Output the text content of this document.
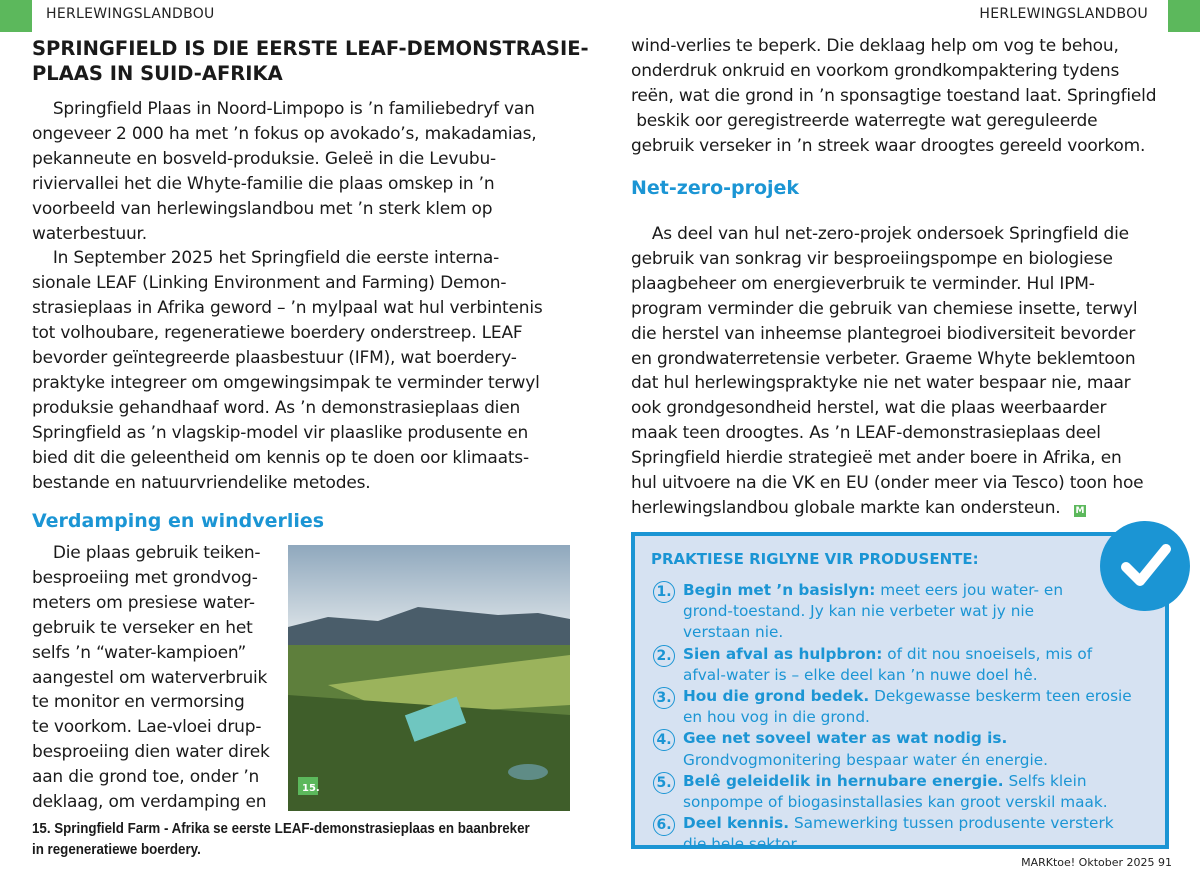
HERLEWINGSLANDBOU	HERLEWINGSLANDBOU
SPRINGFIELD IS DIE EERSTE LEAF-DEMONSTRASIE-
PLAAS IN SUID-AFRIKA
Springfield Plaas in Noord-Limpopo is ’n familiebedryf van
ongeveer 2 000 ha met ’n fokus op avokado’s, makadamias,
pekanneute en bosveld-produksie. Geleë in die Levubu-
riviervallei het die Whyte-familie die plaas omskep in ’n
voorbeeld van herlewingslandbou met ’n sterk klem op
waterbestuur.
In September 2025 het Springfield die eerste interna-
sionale LEAF (Linking Environment and Farming) Demon-
strasieplaas in Afrika geword – ’n mylpaal wat hul verbintenis
tot volhoubare, regeneratiewe boerdery onderstreep. LEAF
bevorder geïntegreerde plaasbestuur (IFM), wat boerdery-
praktyke integreer om omgewingsimpak te verminder terwyl
produksie gehandhaaf word. As ’n demonstrasieplaas dien
Springfield as ’n vlagskip-model vir plaaslike produsente en
bied dit die geleentheid om kennis op te doen oor klimaats-
bestande en natuurvriendelike metodes.
Verdamping en windverlies
Die plaas gebruik teiken-
besproeiing met grondvog-
meters om presiese water-
gebruik te verseker en het
selfs ’n “water-kampioen”
aangestel om waterverbruik
te monitor en vermorsing
te voorkom. Lae-vloei drup-
besproeiing dien water direk
aan die grond toe, onder ’n
deklaag, om verdamping en
15.
15. Springfield Farm - Afrika se eerste LEAF-demonstrasieplaas en baanbreker
in regeneratiewe boerdery.
wind-verlies te beperk. Die deklaag help om vog te behou,
onderdruk onkruid en voorkom grondkompaktering tydens
reën, wat die grond in ’n sponsagtige toestand laat. Springfield
beskik oor geregistreerde waterregte wat gereguleerde
gebruik verseker in ’n streek waar droogtes gereeld voorkom.
Net-zero-projek
As deel van hul net-zero-projek ondersoek Springfield die
gebruik van sonkrag vir besproeiingspompe en biologiese
plaagbeheer om energieverbruik te verminder. Hul IPM-
program verminder die gebruik van chemiese insette, terwyl
die herstel van inheemse plantegroei biodiversiteit bevorder
en grondwaterretensie verbeter. Graeme Whyte beklemtoon
dat hul herlewingspraktyke nie net water bespaar nie, maar
ook grondgesondheid herstel, wat die plaas weerbaarder
maak teen droogtes. As ’n LEAF-demonstrasieplaas deel
Springfield hierdie strategieë met ander boere in Afrika, en
hul uitvoere na die VK en EU (onder meer via Tesco) toon hoe
herlewingslandbou globale markte kan ondersteun.	M
PRAKTIESE RIGLYNE VIR PRODUSENTE:
1. Begin met ’n basislyn: meet eers jou water- en grond-toestand. Jy kan nie verbeter wat jy nie verstaan nie.
2. Sien afval as hulpbron: of dit nou snoeisels, mis of afval-water is – elke deel kan ’n nuwe doel hê.
3. Hou die grond bedek. Dekgewasse beskerm teen erosie en hou vog in die grond.
4. Gee net soveel water as wat nodig is. Grondvogmonitering bespaar water én energie.
5. Belê geleidelik in hernubare energie. Selfs klein sonpompe of biogasinstallasies kan groot verskil maak.
6. Deel kennis. Samewerking tussen produsente versterk die hele sektor.
MARKtoe! Oktober 2025 91
